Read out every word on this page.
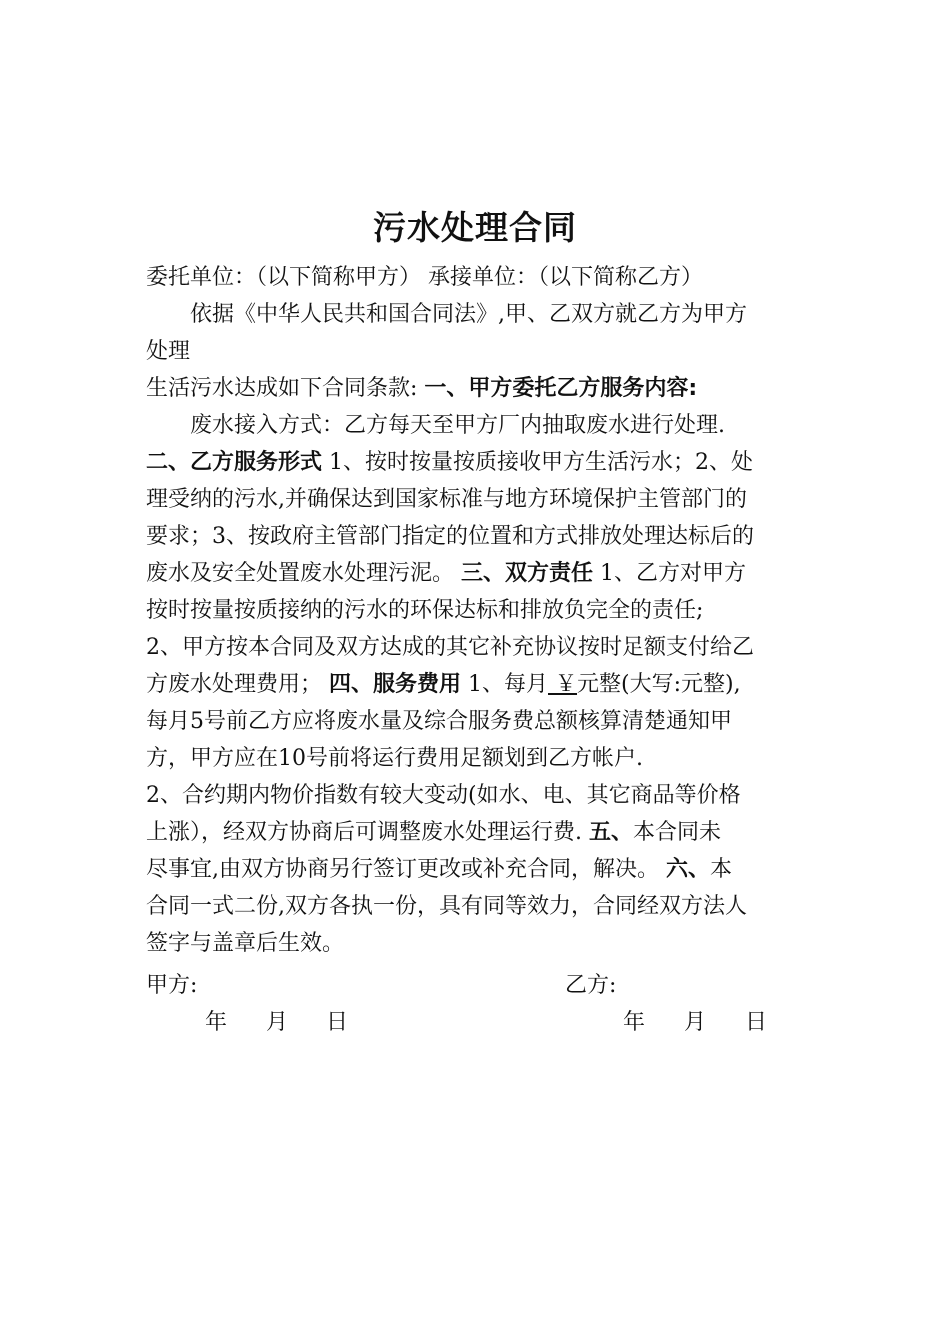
污水处理合同
委托单位：（以下简称甲方） 承接单位：（以下简称乙方）
依据《中华人民共和国合同法》,甲、乙双方就乙方为甲方
处理
生活污水达成如下合同条款: 一、甲方委托乙方服务内容:
废水接入方式：乙方每天至甲方厂内抽取废水进行处理.
二、乙方服务形式 1、按时按量按质接收甲方生活污水；2、处
理受纳的污水,并确保达到国家标准与地方环境保护主管部门的
要求；3、按政府主管部门指定的位置和方式排放处理达标后的
废水及安全处置废水处理污泥。 三、双方责任 1、乙方对甲方
按时按量按质接纳的污水的环保达标和排放负完全的责任;
2、甲方按本合同及双方达成的其它补充协议按时足额支付给乙
方废水处理费用； 四、服务费用 1、每月 ￥元整(大写:元整),
每月5号前乙方应将废水量及综合服务费总额核算清楚通知甲
方，甲方应在10号前将运行费用足额划到乙方帐户.
2、合约期内物价指数有较大变动(如水、电、其它商品等价格
上涨），经双方协商后可调整废水处理运行费. 五、本合同未
尽事宜,由双方协商另行签订更改或补充合同，解决。 六、本
合同一式二份,双方各执一份，具有同等效力，合同经双方法人
签字与盖章后生效。
甲方:	乙方:
年 月 日	年 月 日
